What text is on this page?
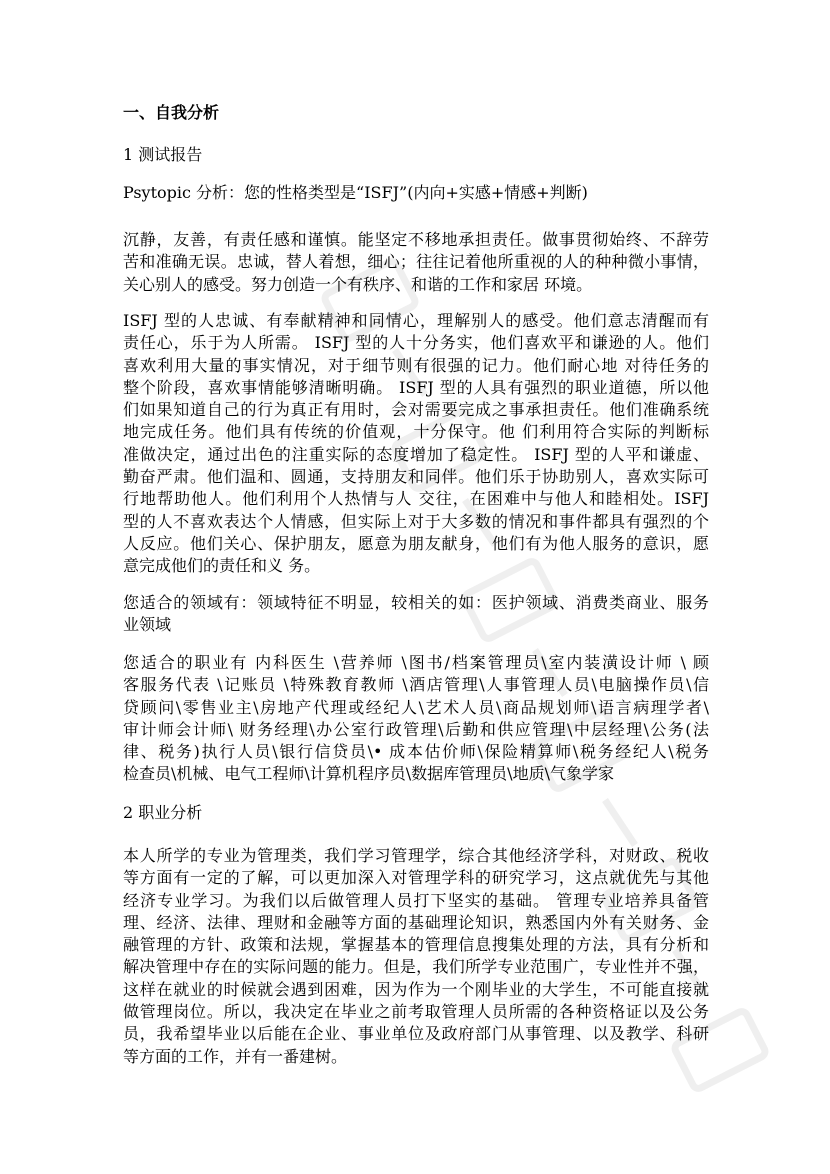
一、自我分析
1 测试报告
Psytopic 分析：您的性格类型是“ISFJ”(内向+实感+情感+判断)
沉静，友善，有责任感和谨慎。能坚定不移地承担责任。做事贯彻始终、不辞劳
苦和准确无误。忠诚，替人着想，细心；往往记着他所重视的人的种种微小事情，
关心别人的感受。努力创造一个有秩序、和谐的工作和家居 环境。
ISFJ 型的人忠诚、有奉献精神和同情心，理解别人的感受。他们意志清醒而有
责任心，乐于为人所需。 ISFJ 型的人十分务实，他们喜欢平和谦逊的人。他们
喜欢利用大量的事实情况，对于细节则有很强的记力。他们耐心地 对待任务的
整个阶段，喜欢事情能够清晰明确。 ISFJ 型的人具有强烈的职业道德，所以他
们如果知道自己的行为真正有用时，会对需要完成之事承担责任。他们准确系统
地完成任务。他们具有传统的价值观，十分保守。他 们利用符合实际的判断标
准做决定，通过出色的注重实际的态度增加了稳定性。 ISFJ 型的人平和谦虚、
勤奋严肃。他们温和、圆通，支持朋友和同伴。他们乐于协助别人，喜欢实际可
行地帮助他人。他们利用个人热情与人 交往，在困难中与他人和睦相处。ISFJ
型的人不喜欢表达个人情感，但实际上对于大多数的情况和事件都具有强烈的个
人反应。他们关心、保护朋友，愿意为朋友献身，他们有为他人服务的意识，愿
意完成他们的责任和义 务。
您适合的领域有：领域特征不明显，较相关的如：医护领域、消费类商业、服务
业领域
您适合的职业有 内科医生 \营养师 \图书/档案管理员\室内装潢设计师 \ 顾
客服务代表 \记账员 \特殊教育教师 \酒店管理\人事管理人员\电脑操作员\信
贷顾问\零售业主\房地产代理或经纪人\艺术人员\商品规划师\语言病理学者\
审计师会计师\ 财务经理\办公室行政管理\后勤和供应管理\中层经理\公务(法
律、税务)执行人员\银行信贷员\• 成本估价师\保险精算师\税务经纪人\税务
检查员\机械、电气工程师\计算机程序员\数据库管理员\地质\气象学家
2 职业分析
本人所学的专业为管理类，我们学习管理学，综合其他经济学科，对财政、税收
等方面有一定的了解，可以更加深入对管理学科的研究学习，这点就优先与其他
经济专业学习。为我们以后做管理人员打下坚实的基础。 管理专业培养具备管
理、经济、法律、理财和金融等方面的基础理论知识，熟悉国内外有关财务、金
融管理的方针、政策和法规，掌握基本的管理信息搜集处理的方法，具有分析和
解决管理中存在的实际问题的能力。但是，我们所学专业范围广，专业性并不强，
这样在就业的时候就会遇到困难，因为作为一个刚毕业的大学生，不可能直接就
做管理岗位。所以，我决定在毕业之前考取管理人员所需的各种资格证以及公务
员，我希望毕业以后能在企业、事业单位及政府部门从事管理、以及教学、科研
等方面的工作，并有一番建树。
